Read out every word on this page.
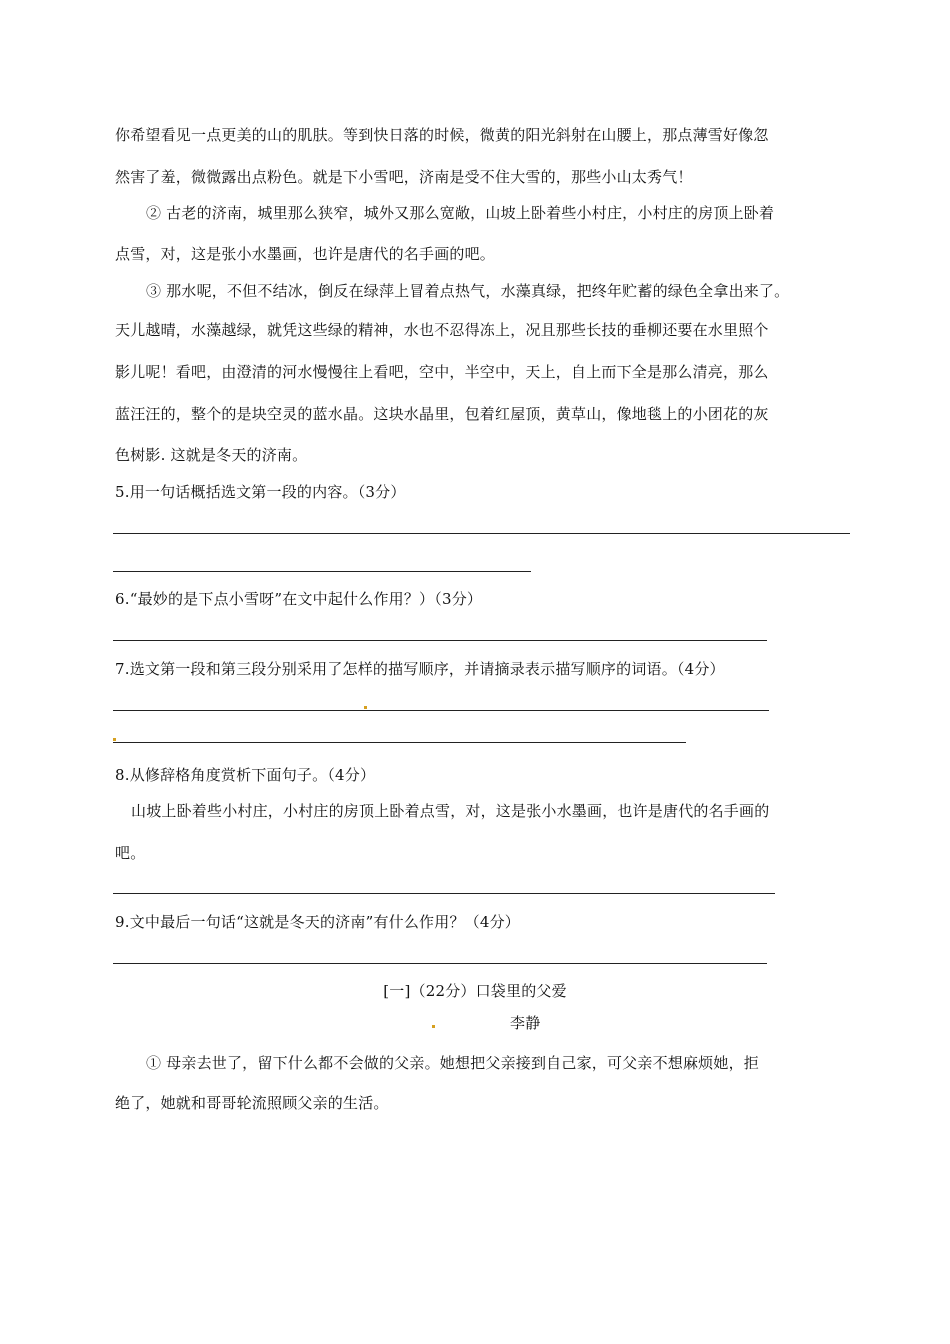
你希望看见一点更美的山的肌肤。等到快日落的时候，微黄的阳光斜射在山腰上，那点薄雪好像忽
然害了羞，微微露出点粉色。就是下小雪吧，济南是受不住大雪的，那些小山太秀气！
② 古老的济南，城里那么狭窄，城外又那么宽敞，山坡上卧着些小村庄，小村庄的房顶上卧着
点雪，对，这是张小水墨画，也许是唐代的名手画的吧。
③ 那水呢，不但不结冰，倒反在绿萍上冒着点热气，水藻真绿，把终年贮蓄的绿色全拿出来了。
天儿越晴，水藻越绿，就凭这些绿的精神，水也不忍得冻上，况且那些长技的垂柳还要在水里照个
影儿呢！看吧，由澄清的河水慢慢往上看吧，空中，半空中，天上，自上而下全是那么清亮，那么
蓝汪汪的，整个的是块空灵的蓝水晶。这块水晶里，包着红屋顶，黄草山，像地毯上的小团花的灰
色树影. 这就是冬天的济南。
5.用一句话概括选文第一段的内容。（3分）
6.“最妙的是下点小雪呀”在文中起什么作用？）（3分）
7.选文第一段和第三段分别采用了怎样的描写顺序，并请摘录表示描写顺序的词语。（4分）
8.从修辞格角度赏析下面句子。（4分）
山坡上卧着些小村庄，小村庄的房顶上卧着点雪，对，这是张小水墨画，也许是唐代的名手画的
吧。
9.文中最后一句话“这就是冬天的济南”有什么作用？（4分）
[一]（22分）口袋里的父爱
李静
① 母亲去世了，留下什么都不会做的父亲。她想把父亲接到自己家，可父亲不想麻烦她，拒
绝了，她就和哥哥轮流照顾父亲的生活。
